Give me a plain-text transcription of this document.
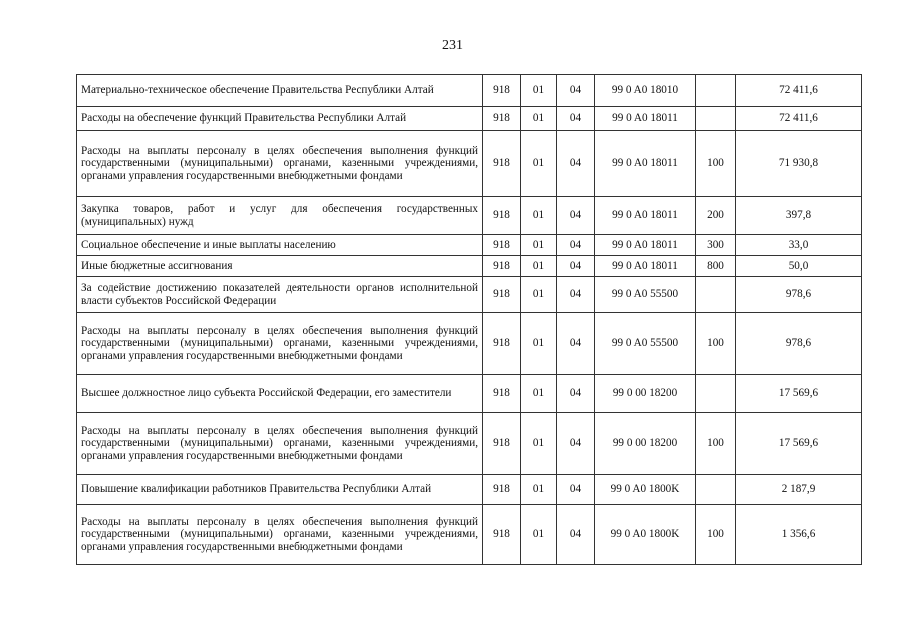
231
Материально-техническое обеспечение Правительства Республики Алтай	918	01	04	99 0 A0 18010		72 411,6
Расходы на обеспечение функций Правительства Республики Алтай	918	01	04	99 0 A0 18011		72 411,6
Расходы на выплаты персоналу в целях обеспечения выполнения функций государственными (муниципальными) органами, казенными учреждениями, органами управления государственными внебюджетными фондами	918	01	04	99 0 A0 18011	100	71 930,8
Закупка товаров, работ и услуг для обеспечения государственных (муниципальных) нужд	918	01	04	99 0 A0 18011	200	397,8
Социальное обеспечение и иные выплаты населению	918	01	04	99 0 A0 18011	300	33,0
Иные бюджетные ассигнования	918	01	04	99 0 A0 18011	800	50,0
За содействие достижению показателей деятельности органов исполнительной власти субъектов Российской Федерации	918	01	04	99 0 A0 55500		978,6
Расходы на выплаты персоналу в целях обеспечения выполнения функций государственными (муниципальными) органами, казенными учреждениями, органами управления государственными внебюджетными фондами	918	01	04	99 0 A0 55500	100	978,6
Высшее должностное лицо субъекта Российской Федерации, его заместители	918	01	04	99 0 00 18200		17 569,6
Расходы на выплаты персоналу в целях обеспечения выполнения функций государственными (муниципальными) органами, казенными учреждениями, органами управления государственными внебюджетными фондами	918	01	04	99 0 00 18200	100	17 569,6
Повышение квалификации работников Правительства Республики Алтай	918	01	04	99 0 A0 1800K		2 187,9
Расходы на выплаты персоналу в целях обеспечения выполнения функций государственными (муниципальными) органами, казенными учреждениями, органами управления государственными внебюджетными фондами	918	01	04	99 0 A0 1800K	100	1 356,6
